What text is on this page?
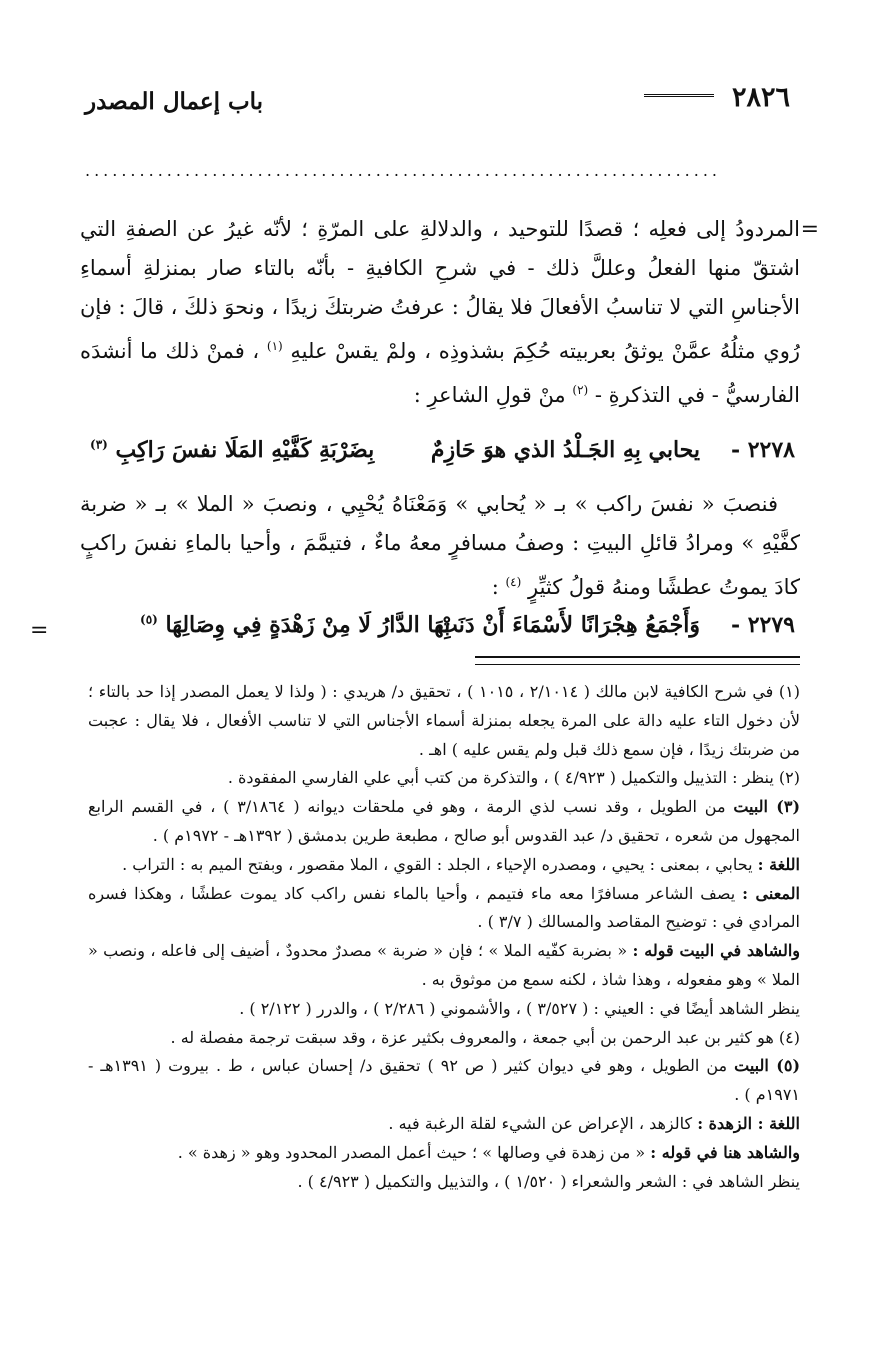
٢٨٢٦
باب إعمال المصدر
......................................................................
=

المردودُ إلى فعلِه ؛ قصدًا للتوحيد ، والدلالةِ على المرّةِ ؛ لأنّه غيرُ عن الصفةِ التي اشتقّ منها الفعلُ وعللَّ ذلك - في شرحِ الكافيةِ - بأنّه بالتاء صار بمنزلةِ أسماءِ الأجناسِ التي لا تناسبُ الأفعالَ فلا يقالُ : عرفتُ ضربتكَ زيدًا ، ونحوَ ذلكَ ، قالَ : فإن رُوي مثلُهُ عمَّنْ يوثقُ بعربيته حُكِمَ بشذوذِه ، ولمْ يقسْ عليهِ $^{(١)}$ ، فمنْ ذلك ما أنشدَه الفارسيُّ - في التذكرةِ - $^{(٢)}$ منْ قولِ الشاعرِ :

٢٢٧٨ -
يحابي بِهِ الجَـلْدُ الذي هوَ حَازِمٌ
بِضَرْبَةِ كَفَّيْهِ المَلَا نفسَ رَاكِبِ $^{(٣)}$

فنصبَ « نفسَ راكب » بـ « يُحابي » وَمَعْنَاهُ يُحْيِي ، ونصبَ « الملا » بـ « ضربة كفَّيْهِ » ومرادُ قائلِ البيتِ : وصفُ مسافرٍ معهُ ماءٌ ، فتيمَّمَ ، وأحيا بالماءِ نفسَ راكبٍ كادَ يموتُ عطشًا ومنهُ قولُ كثيِّرٍ $^{(٤)}$ :

٢٢٧٩ -
وَأَجْمَعُ هِجْرَانًا لأَسْمَاءَ أَنْ دَنَتْ
بِهَا الدَّارُ لَا مِنْ زَهْدَةٍ فِي وِصَالِهَا $^{(٥)}$
=

(١) في شرح الكافية لابن مالك ( ٢/١٠١٤ ، ١٠١٥ ) ، تحقيق د/ هريدي : ( ولذا لا يعمل المصدر إذا حد بالتاء ؛ لأن دخول التاء عليه دالة على المرة يجعله بمنزلة أسماء الأجناس التي لا تناسب الأفعال ، فلا يقال : عجبت من ضربتك زيدًا ، فإن سمع ذلك قبل ولم يقس عليه ) اهـ .

(٢) ينظر : التذييل والتكميل ( ٤/٩٢٣ ) ، والتذكرة من كتب أبي علي الفارسي المفقودة .

(٣) البيت من الطويل ، وقد نسب لذي الرمة ، وهو في ملحقات ديوانه ( ٣/١٨٦٤ ) ، في القسم الرابع المجهول من شعره ، تحقيق د/ عبد القدوس أبو صالح ، مطبعة طرين بدمشق ( ١٣٩٢هـ - ١٩٧٢م ) .

اللغة : يحابي ، بمعنى : يحيي ، ومصدره الإحياء ، الجلد : القوي ، الملا مقصور ، وبفتح الميم به : التراب .

المعنى : يصف الشاعر مسافرًا معه ماء فتيمم ، وأحيا بالماء نفس راكب كاد يموت عطشًا ، وهكذا فسره المرادي في : توضيح المقاصد والمسالك ( ٣/٧ ) .

والشاهد في البيت قوله : « بضربة كفّيه الملا » ؛ فإن « ضربة » مصدرٌ محدودٌ ، أضيف إلى فاعله ، ونصب « الملا » وهو مفعوله ، وهذا شاذ ، لكنه سمع من موثوق به .

ينظر الشاهد أيضًا في : العيني : ( ٣/٥٢٧ ) ، والأشموني ( ٢/٢٨٦ ) ، والدرر ( ٢/١٢٢ ) .

(٤) هو كثير بن عبد الرحمن بن أبي جمعة ، والمعروف بكثير عزة ، وقد سبقت ترجمة مفصلة له .

(٥) البيت من الطويل ، وهو في ديوان كثير ( ص ٩٢ ) تحقيق د/ إحسان عباس ، ط . بيروت ( ١٣٩١هـ - ١٩٧١م ) .

اللغة : الزهدة : كالزهد ، الإعراض عن الشيء لقلة الرغبة فيه .

والشاهد هنا في قوله : « من زهدة في وصالها » ؛ حيث أعمل المصدر المحدود وهو « زهدة » .

ينظر الشاهد في : الشعر والشعراء ( ١/٥٢٠ ) ، والتذييل والتكميل ( ٤/٩٢٣ ) .
